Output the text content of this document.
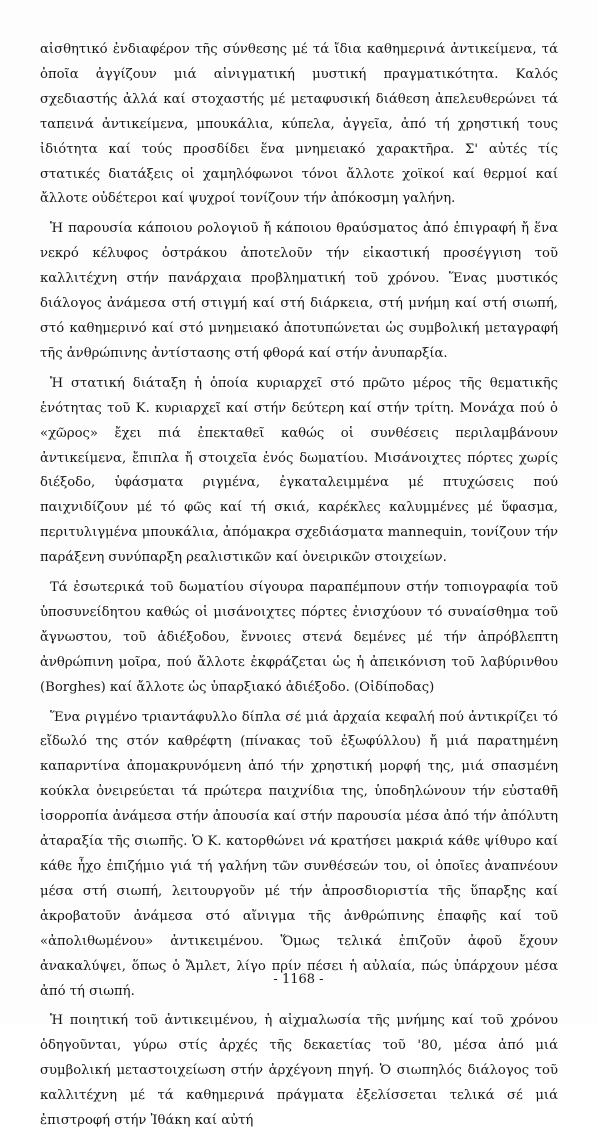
αἰσθητικό ἐνδιαφέρον τῆς σύνθεσης μέ τά ἴδια καθημερινά ἀντικείμενα, τά ὁποῖα ἀγγίζουν μιά αἰνιγματική μυστική πραγματικότητα. Καλός σχεδιαστής ἀλλά καί στοχαστής μέ μεταφυσική διάθεση ἀπελευθερώνει τά ταπεινά ἀντικείμενα, μπουκάλια, κύπελα, ἀγγεῖα, ἀπό τή χρηστική τους ἰδιότητα καί τούς προσδίδει ἕνα μνημειακό χαρακτῆρα. Σ' αὐτές τίς στατικές διατάξεις οἱ χαμηλόφωνοι τόνοι ἄλλοτε χοϊκοί καί θερμοί καί ἄλλοτε οὐδέτεροι καί ψυχροί τονίζουν τήν ἀπόκοσμη γαλήνη.

Ἡ παρουσία κάποιου ρολογιοῦ ἤ κάποιου θραύσματος ἀπό ἐπιγραφή ἤ ἕνα νεκρό κέλυφος ὀστράκου ἀποτελοῦν τήν εἰκαστική προσέγγιση τοῦ καλλιτέχνη στήν πανάρχαια προβληματική τοῦ χρόνου. Ἕνας μυστικός διάλογος ἀνάμεσα στή στιγμή καί στή διάρκεια, στή μνήμη καί στή σιωπή, στό καθημερινό καί στό μνημειακό ἀποτυπώνεται ὡς συμβολική μεταγραφή τῆς ἀνθρώπινης ἀντίστασης στή φθορά καί στήν ἀνυπαρξία.

Ἡ στατική διάταξη ἡ ὁποία κυριαρχεῖ στό πρῶτο μέρος τῆς θεματικῆς ἑνότητας τοῦ Κ. κυριαρχεῖ καί στήν δεύτερη καί στήν τρίτη. Μονάχα πού ὁ «χῶρος» ἔχει πιά ἐπεκταθεῖ καθώς οἱ συνθέσεις περιλαμβάνουν ἀντικείμενα, ἔπιπλα ἤ στοιχεῖα ἑνός δωματίου. Μισάνοιχτες πόρτες χωρίς διέξοδο, ὑφάσματα ριγμένα, ἐγκαταλειμμένα μέ πτυχώσεις πού παιχνιδίζουν μέ τό φῶς καί τή σκιά, καρέκλες καλυμμένες μέ ὕφασμα, περιτυλιγμένα μπουκάλια, ἀπόμακρα σχεδιάσματα mannequin, τονίζουν τήν παράξενη συνύπαρξη ρεαλιστικῶν καί ὀνειρικῶν στοιχείων.

Τά ἐσωτερικά τοῦ δωματίου σίγουρα παραπέμπουν στήν τοπιογραφία τοῦ ὑποσυνείδητου καθώς οἱ μισάνοιχτες πόρτες ἐνισχύουν τό συναίσθημα τοῦ ἄγνωστου, τοῦ ἀδιέξοδου, ἔννοιες στενά δεμένες μέ τήν ἀπρόβλεπτη ἀνθρώπινη μοῖρα, πού ἄλλοτε ἐκφράζεται ὡς ἡ ἀπεικόνιση τοῦ λαβύρινθου (Borghes) καί ἄλλοτε ὡς ὑπαρξιακό ἀδιέξοδο. (Οἰδίποδας)

Ἕνα ριγμένο τριαντάφυλλο δίπλα σέ μιά ἀρχαία κεφαλή πού ἀντικρίζει τό εἴδωλό της στόν καθρέφτη (πίνακας τοῦ ἐξωφύλλου) ἤ μιά παρατημένη καπαρντίνα ἀπομακρυνόμενη ἀπό τήν χρηστική μορφή της, μιά σπασμένη κούκλα ὀνειρεύεται τά πρώτερα παιχνίδια της, ὑποδηλώνουν τήν εὐσταθῆ ἰσορροπία ἀνάμεσα στήν ἀπουσία καί στήν παρουσία μέσα ἀπό τήν ἀπόλυτη ἀταραξία τῆς σιωπῆς. Ὁ Κ. κατορθώνει νά κρατήσει μακριά κάθε ψίθυρο καί κάθε ἦχο ἐπιζήμιο γιά τή γαλήνη τῶν συνθέσεών του, οἱ ὁποῖες ἀναπνέουν μέσα στή σιωπή, λειτουργοῦν μέ τήν ἀπροσδιοριστία τῆς ὕπαρξης καί ἀκροβατοῦν ἀνάμεσα στό αἴνιγμα τῆς ἀνθρώπινης ἐπαφῆς καί τοῦ «ἀπολιθωμένου» ἀντικειμένου. Ὅμως τελικά ἐπιζοῦν ἀφοῦ ἔχουν ἀνακαλύψει, ὅπως ὁ Ἄμλετ, λίγο πρίν πέσει ἡ αὐλαία, πώς ὑπάρχουν μέσα ἀπό τή σιωπή.

Ἡ ποιητική τοῦ ἀντικειμένου, ἡ αἰχμαλωσία τῆς μνήμης καί τοῦ χρόνου ὁδηγοῦνται, γύρω στίς ἀρχές τῆς δεκαετίας τοῦ '80, μέσα ἀπό μιά συμβολική μεταστοιχείωση στήν ἀρχέγονη πηγή. Ὁ σιωπηλός διάλογος τοῦ καλλιτέχνη μέ τά καθημερινά πράγματα ἐξελίσσεται τελικά σέ μιά ἐπιστροφή στήν Ἰθάκη καί αὐτή

- 1168 -
